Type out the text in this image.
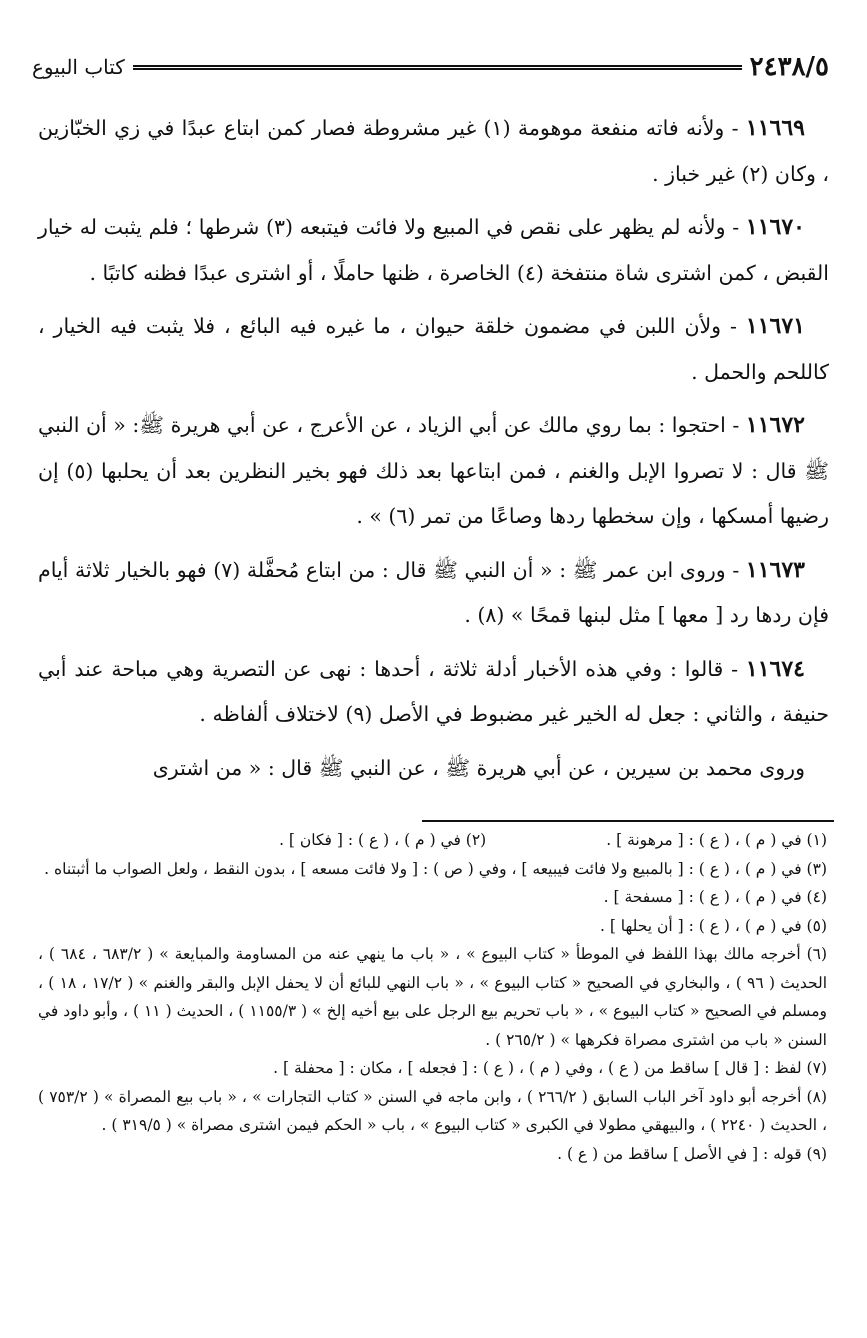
٢٤٣٨/٥
كتاب البيوع

١١٦٦٩ - ولأنه فاته منفعة موهومة (١) غير مشروطة فصار كمن ابتاع عبدًا في زي الخبّازين ، وكان (٢) غير خباز .

١١٦٧٠ - ولأنه لم يظهر على نقص في المبيع ولا فائت فيتبعه (٣) شرطها ؛ فلم يثبت له خيار القبض ، كمن اشترى شاة منتفخة (٤) الخاصرة ، ظنها حاملًا ، أو اشترى عبدًا فظنه كاتبًا .

١١٦٧١ - ولأن اللبن في مضمون خلقة حيوان ، ما غيره فيه البائع ، فلا يثبت فيه الخيار ، كاللحم والحمل .

١١٦٧٢ - احتجوا : بما روي مالك عن أبي الزياد ، عن الأعرج ، عن أبي هريرة ﷺ: « أن النبي ﷺ قال : لا تصروا الإبل والغنم ، فمن ابتاعها بعد ذلك فهو بخير النظرين بعد أن يحلبها (٥) إن رضيها أمسكها ، وإن سخطها ردها وصاعًا من تمر (٦) » .

١١٦٧٣ - وروى ابن عمر ﷺ : « أن النبي ﷺ قال : من ابتاع مُحفَّلة (٧) فهو بالخيار ثلاثة أيام فإن ردها رد [ معها ] مثل لبنها قمحًا » (٨) .

١١٦٧٤ - قالوا : وفي هذه الأخبار أدلة ثلاثة ، أحدها : نهى عن التصرية وهي مباحة عند أبي حنيفة ، والثاني : جعل له الخير غير مضبوط في الأصل (٩) لاختلاف ألفاظه .

وروى محمد بن سيرين ، عن أبي هريرة ﷺ ، عن النبي ﷺ قال : « من اشترى

(١) في ( م ) ، ( ع ) : [ مرهونة ] .
(٢) في ( م ) ، ( ع ) : [ فكان ] .

(٣) في ( م ) ، ( ع ) : [ بالمبيع ولا فائت فيبيعه ] ، وفي ( ص ) : [ ولا فائت مسعه ] ، بدون النقط ، ولعل الصواب ما أثبتناه .

(٤) في ( م ) ، ( ع ) : [ مسفحة ] .

(٥) في ( م ) ، ( ع ) : [ أن يحلها ] .

(٦) أخرجه مالك بهذا اللفظ في الموطأ « كتاب البيوع » ، « باب ما ينهي عنه من المساومة والمبايعة » ( ٦٨٣/٢ ، ٦٨٤ ) ، الحديث ( ٩٦ ) ، والبخاري في الصحيح « كتاب البيوع » ، « باب النهي للبائع أن لا يحفل الإبل والبقر والغنم » ( ١٧/٢ ، ١٨ ) ، ومسلم في الصحيح « كتاب البيوع » ، « باب تحريم بيع الرجل على بيع أخيه إلخ » ( ١١٥٥/٣ ) ، الحديث ( ١١ ) ، وأبو داود في السنن « باب من اشترى مصراة فكرهها » ( ٢٦٥/٢ ) .

(٧) لفظ : [ قال ] ساقط من ( ع ) ، وفي ( م ) ، ( ع ) : [ فجعله ] ، مكان : [ محفلة ] .

(٨) أخرجه أبو داود آخر الباب السابق ( ٢٦٦/٢ ) ، وابن ماجه في السنن « كتاب التجارات » ، « باب بيع المصراة » ( ٧٥٣/٢ ) ، الحديث ( ٢٢٤٠ ) ، والبيهقي مطولا في الكبرى « كتاب البيوع » ، باب « الحكم فيمن اشترى مصراة » ( ٣١٩/٥ ) .

(٩) قوله : [ في الأصل ] ساقط من ( ع ) .
